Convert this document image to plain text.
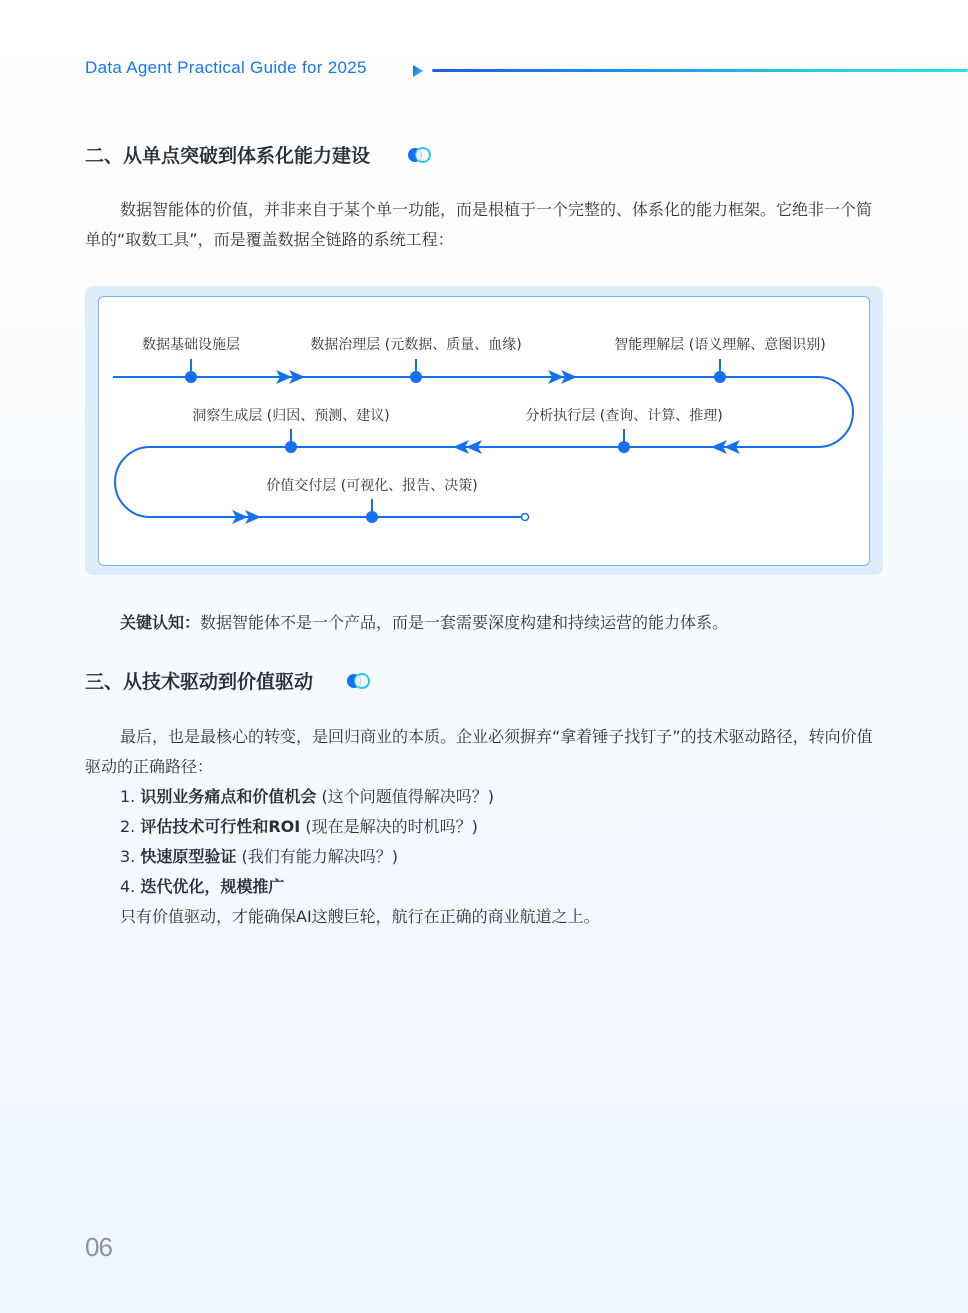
Data Agent Practical Guide for 2025
二、从单点突破到体系化能力建设
数据智能体的价值，并非来自于某个单一功能，而是根植于一个完整的、体系化的能力框架。它绝非一个简单的“取数工具”，而是覆盖数据全链路的系统工程：
数据基础设施层	数据治理层 (元数据、质量、血缘)	智能理解层 (语义理解、意图识别)
分析执行层 (查询、计算、推理)
洞察生成层 (归因、预测、建议)
价值交付层 (可视化、报告、决策)
关键认知：数据智能体不是一个产品，而是一套需要深度构建和持续运营的能力体系。
三、从技术驱动到价值驱动
最后，也是最核心的转变，是回归商业的本质。企业必须摒弃“拿着锤子找钉子”的技术驱动路径，转向价值驱动的正确路径：
1. 识别业务痛点和价值机会 (这个问题值得解决吗？)
2. 评估技术可行性和ROI (现在是解决的时机吗？)
3. 快速原型验证 (我们有能力解决吗？)
4. 迭代优化，规模推广
只有价值驱动，才能确保AI这艘巨轮，航行在正确的商业航道之上。
06
